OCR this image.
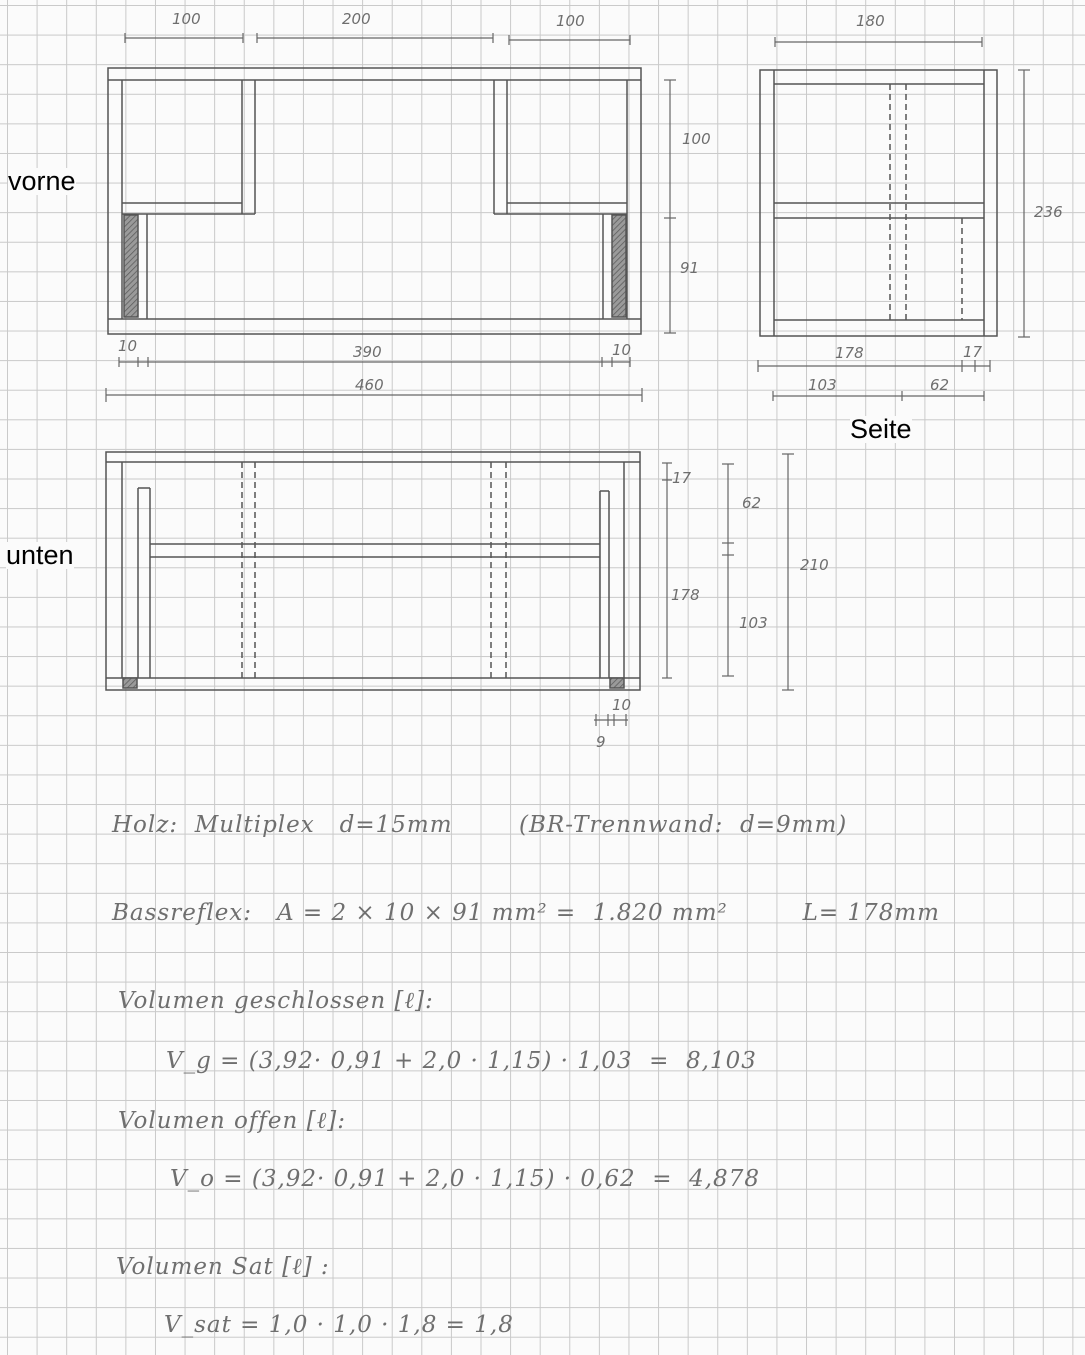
100	200	100
100
91
10	390	10
460
180
236
178	17
103	62
17
178
62
103
210
10
9
vorne
Seite
unten
Holz:  Multiplex   d=15mm        (BR-Trennwand:  d=9mm)
Bassreflex:   A = 2 × 10 × 91 mm² =  1.820 mm²         L= 178mm
Volumen geschlossen [ℓ]:
V_g = (3,92· 0,91 + 2,0 · 1,15) · 1,03  =  8,103
Volumen offen [ℓ]:
V_o = (3,92· 0,91 + 2,0 · 1,15) · 0,62  =  4,878
Volumen Sat [ℓ] :
V_sat = 1,0 · 1,0 · 1,8 = 1,8
